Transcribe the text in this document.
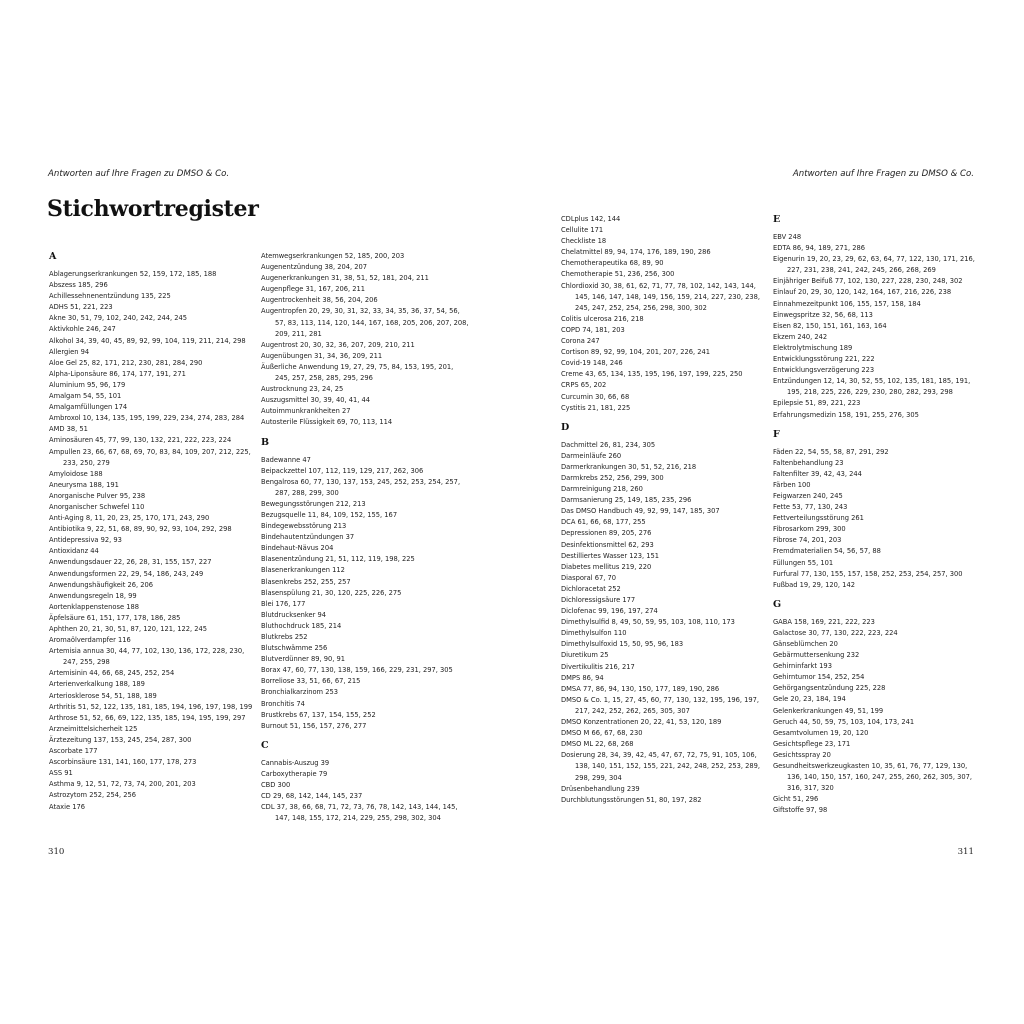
Antworten auf Ihre Fragen zu DMSO & Co.	Antworten auf Ihre Fragen zu DMSO & Co.
Stichwortregister
A
Ablagerungserkrankungen 52, 159, 172, 185, 188
Abszess 185, 296
Achillessehnenentzündung 135, 225
ADHS 51, 221, 223
Akne 30, 51, 79, 102, 240, 242, 244, 245
Aktivkohle 246, 247
Alkohol 34, 39, 40, 45, 89, 92, 99, 104, 119, 211, 214, 298
Allergien 94
Aloe Gel 25, 82, 171, 212, 230, 281, 284, 290
Alpha-Liponsäure 86, 174, 177, 191, 271
Aluminium 95, 96, 179
Amalgam 54, 55, 101
Amalgamfüllungen 174
Ambroxol 10, 134, 135, 195, 199, 229, 234, 274, 283, 284
AMD 38, 51
Aminosäuren 45, 77, 99, 130, 132, 221, 222, 223, 224
Ampullen 23, 66, 67, 68, 69, 70, 83, 84, 109, 207, 212, 225, 233, 250, 279
Amyloidose 188
Aneurysma 188, 191
Anorganische Pulver 95, 238
Anorganischer Schwefel 110
Anti-Aging 8, 11, 20, 23, 25, 170, 171, 243, 290
Antibiotika 9, 22, 51, 68, 89, 90, 92, 93, 104, 292, 298
Antidepressiva 92, 93
Antioxidanz 44
Anwendungsdauer 22, 26, 28, 31, 155, 157, 227
Anwendungsformen 22, 29, 54, 186, 243, 249
Anwendungshäufigkeit 26, 206
Anwendungsregeln 18, 99
Aortenklappenstenose 188
Äpfelsäure 61, 151, 177, 178, 186, 285
Aphthen 20, 21, 30, 51, 87, 120, 121, 122, 245
Aromaölverdampfer 116
Artemisia annua 30, 44, 77, 102, 130, 136, 172, 228, 230, 247, 255, 298
Artemisinin 44, 66, 68, 245, 252, 254
Arterienverkalkung 188, 189
Arteriosklerose 54, 51, 188, 189
Arthritis 51, 52, 122, 135, 181, 185, 194, 196, 197, 198, 199
Arthrose 51, 52, 66, 69, 122, 135, 185, 194, 195, 199, 297
Arzneimittelsicherheit 125
Ärztezeitung 137, 153, 245, 254, 287, 300
Ascorbate 177
Ascorbinsäure 131, 141, 160, 177, 178, 273
ASS 91
Asthma 9, 12, 51, 72, 73, 74, 200, 201, 203
Astrozytom 252, 254, 256
Ataxie 176
Atemwegserkrankungen 52, 185, 200, 203
Augenentzündung 38, 204, 207
Augenerkrankungen 31, 38, 51, 52, 181, 204, 211
Augenpflege 31, 167, 206, 211
Augentrockenheit 38, 56, 204, 206
Augentropfen 20, 29, 30, 31, 32, 33, 34, 35, 36, 37, 54, 56, 57, 83, 113, 114, 120, 144, 167, 168, 205, 206, 207, 208, 209, 211, 281
Augentrost 20, 30, 32, 36, 207, 209, 210, 211
Augenübungen 31, 34, 36, 209, 211
Äußerliche Anwendung 19, 27, 29, 75, 84, 153, 195, 201, 245, 257, 258, 285, 295, 296
Austrocknung 23, 24, 25
Auszugsmittel 30, 39, 40, 41, 44
Autoimmunkrankheiten 27
Autosterile Flüssigkeit 69, 70, 113, 114
B
Badewanne 47
Beipackzettel 107, 112, 119, 129, 217, 262, 306
Bengalrosa 60, 77, 130, 137, 153, 245, 252, 253, 254, 257, 287, 288, 299, 300
Bewegungsstörungen 212, 213
Bezugsquelle 11, 84, 109, 152, 155, 167
Bindegewebsstörung 213
Bindehautentzündungen 37
Bindehaut-Nävus 204
Blasenentzündung 21, 51, 112, 119, 198, 225
Blasenerkrankungen 112
Blasenkrebs 252, 255, 257
Blasenspülung 21, 30, 120, 225, 226, 275
Blei 176, 177
Blutdrucksenker 94
Bluthochdruck 185, 214
Blutkrebs 252
Blutschwämme 256
Blutverdünner 89, 90, 91
Borax 47, 60, 77, 130, 138, 159, 166, 229, 231, 297, 305
Borreliose 33, 51, 66, 67, 215
Bronchialkarzinom 253
Bronchitis 74
Brustkrebs 67, 137, 154, 155, 252
Burnout 51, 156, 157, 276, 277
C
Cannabis-Auszug 39
Carboxytherapie 79
CBD 300
CD 29, 68, 142, 144, 145, 237
CDL 37, 38, 66, 68, 71, 72, 73, 76, 78, 142, 143, 144, 145, 147, 148, 155, 172, 214, 229, 255, 298, 302, 304
CDLplus 142, 144
Cellulite 171
Checkliste 18
Chelatmittel 89, 94, 174, 176, 189, 190, 286
Chemotherapeutika 68, 89, 90
Chemotherapie 51, 236, 256, 300
Chlordioxid 30, 38, 61, 62, 71, 77, 78, 102, 142, 143, 144, 145, 146, 147, 148, 149, 156, 159, 214, 227, 230, 238, 245, 247, 252, 254, 256, 298, 300, 302
Colitis ulcerosa 216, 218
COPD 74, 181, 203
Corona 247
Cortison 89, 92, 99, 104, 201, 207, 226, 241
Covid-19 148, 246
Creme 43, 65, 134, 135, 195, 196, 197, 199, 225, 250
CRPS 65, 202
Curcumin 30, 66, 68
Cystitis 21, 181, 225
D
Dachmittel 26, 81, 234, 305
Darmeinläufe 260
Darmerkrankungen 30, 51, 52, 216, 218
Darmkrebs 252, 256, 299, 300
Darmreinigung 218, 260
Darmsanierung 25, 149, 185, 235, 296
Das DMSO Handbuch 49, 92, 99, 147, 185, 307
DCA 61, 66, 68, 177, 255
Depressionen 89, 205, 276
Desinfektionsmittel 62, 293
Destilliertes Wasser 123, 151
Diabetes mellitus 219, 220
Diasporal 67, 70
Dichloracetat 252
Dichloressigsäure 177
Diclofenac 99, 196, 197, 274
Dimethylsulfid 8, 49, 50, 59, 95, 103, 108, 110, 173
Dimethylsulfon 110
Dimethylsulfoxid 15, 50, 95, 96, 183
Diuretikum 25
Divertikulitis 216, 217
DMPS 86, 94
DMSA 77, 86, 94, 130, 150, 177, 189, 190, 286
DMSO & Co. 1, 15, 27, 45, 60, 77, 130, 132, 195, 196, 197, 217, 242, 252, 262, 265, 305, 307
DMSO Konzentrationen 20, 22, 41, 53, 120, 189
DMSO M 66, 67, 68, 230
DMSO ML 22, 68, 268
Dosierung 28, 34, 39, 42, 45, 47, 67, 72, 75, 91, 105, 106, 138, 140, 151, 152, 155, 221, 242, 248, 252, 253, 289, 298, 299, 304
Drüsenbehandlung 239
Durchblutungsstörungen 51, 80, 197, 282
E
EBV 248
EDTA 86, 94, 189, 271, 286
Eigenurin 19, 20, 23, 29, 62, 63, 64, 77, 122, 130, 171, 216, 227, 231, 238, 241, 242, 245, 266, 268, 269
Einjähriger Beifuß 77, 102, 130, 227, 228, 230, 248, 302
Einlauf 20, 29, 30, 120, 142, 164, 167, 216, 226, 238
Einnahmezeitpunkt 106, 155, 157, 158, 184
Einwegspritze 32, 56, 68, 113
Eisen 82, 150, 151, 161, 163, 164
Ekzem 240, 242
Elektrolytmischung 189
Entwicklungsstörung 221, 222
Entwicklungsverzögerung 223
Entzündungen 12, 14, 30, 52, 55, 102, 135, 181, 185, 191, 195, 218, 225, 226, 229, 230, 280, 282, 293, 298
Epilepsie 51, 89, 221, 223
Erfahrungsmedizin 158, 191, 255, 276, 305
F
Fäden 22, 54, 55, 58, 87, 291, 292
Faltenbehandlung 23
Faltenfilter 39, 42, 43, 244
Färben 100
Feigwarzen 240, 245
Fette 53, 77, 130, 243
Fettverteilungsstörung 261
Fibrosarkom 299, 300
Fibrose 74, 201, 203
Fremdmaterialien 54, 56, 57, 88
Füllungen 55, 101
Furfural 77, 130, 155, 157, 158, 252, 253, 254, 257, 300
Fußbad 19, 29, 120, 142
G
GABA 158, 169, 221, 222, 223
Galactose 30, 77, 130, 222, 223, 224
Gänseblümchen 20
Gebärmuttersenkung 232
Gehirninfarkt 193
Gehirntumor 154, 252, 254
Gehörgangsentzündung 225, 228
Gele 20, 23, 184, 194
Gelenkerkrankungen 49, 51, 199
Geruch 44, 50, 59, 75, 103, 104, 173, 241
Gesamtvolumen 19, 20, 120
Gesichtspflege 23, 171
Gesichtsspray 20
Gesundheitswerkzeugkasten 10, 35, 61, 76, 77, 129, 130, 136, 140, 150, 157, 160, 247, 255, 260, 262, 305, 307, 316, 317, 320
Gicht 51, 296
Giftstoffe 97, 98
310	311
